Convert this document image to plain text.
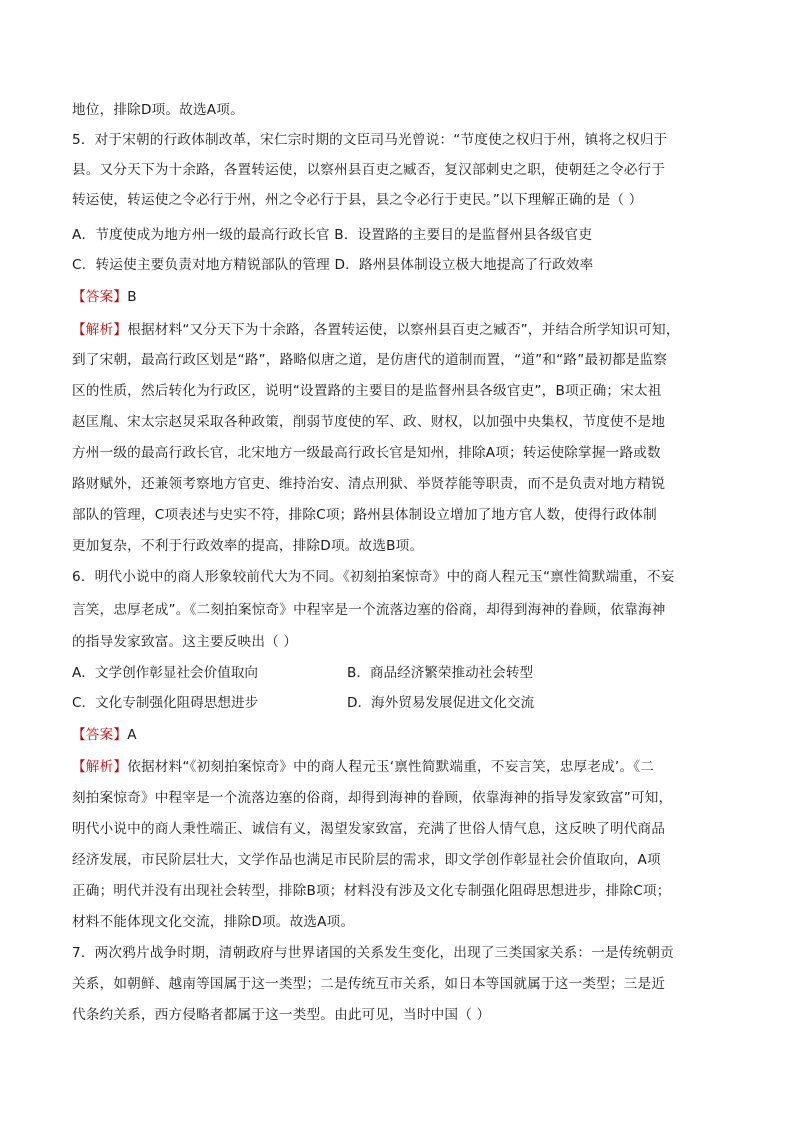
地位，排除D项。故选A项。
5．对于宋朝的行政体制改革，宋仁宗时期的文臣司马光曾说：“节度使之权归于州，镇将之权归于
县。又分天下为十余路，各置转运使，以察州县百吏之臧否，复汉部刺史之职，使朝廷之令必行于
转运使，转运使之令必行于州，州之令必行于县，县之令必行于吏民。”以下理解正确的是（ ）
A．节度使成为地方州一级的最高行政长官 B．设置路的主要目的是监督州县各级官吏
C．转运使主要负责对地方精锐部队的管理 D．路州县体制设立极大地提高了行政效率
【答案】B
【解析】根据材料“又分天下为十余路，各置转运使，以察州县百吏之臧否”，并结合所学知识可知，
到了宋朝，最高行政区划是“路”，路略似唐之道，是仿唐代的道制而置，“道”和“路”最初都是监察
区的性质，然后转化为行政区，说明“设置路的主要目的是监督州县各级官吏”，B项正确；宋太祖
赵匡胤、宋太宗赵炅采取各种政策，削弱节度使的军、政、财权，以加强中央集权，节度使不是地
方州一级的最高行政长官，北宋地方一级最高行政长官是知州，排除A项；转运使除掌握一路或数
路财赋外，还兼领考察地方官吏、维持治安、清点刑狱、举贤荐能等职责，而不是负责对地方精锐
部队的管理，C项表述与史实不符，排除C项；路州县体制设立增加了地方官人数，使得行政体制
更加复杂，不利于行政效率的提高，排除D项。故选B项。
6．明代小说中的商人形象较前代大为不同。《初刻拍案惊奇》中的商人程元玉“禀性简默端重，不妄
言笑，忠厚老成”。《二刻拍案惊奇》中程宰是一个流落边塞的俗商，却得到海神的眷顾，依靠海神
的指导发家致富。这主要反映出（ ）
A．文学创作彰显社会价值取向	B．商品经济繁荣推动社会转型
C．文化专制强化阻碍思想进步	D．海外贸易发展促进文化交流
【答案】A
【解析】依据材料“《初刻拍案惊奇》中的商人程元玉‘禀性简默端重，不妄言笑，忠厚老成’。《二
刻拍案惊奇》中程宰是一个流落边塞的俗商，却得到海神的眷顾，依靠海神的指导发家致富”可知，
明代小说中的商人秉性端正、诚信有义，渴望发家致富，充满了世俗人情气息，这反映了明代商品
经济发展，市民阶层壮大，文学作品也满足市民阶层的需求，即文学创作彰显社会价值取向，A项
正确；明代并没有出现社会转型，排除B项；材料没有涉及文化专制强化阻碍思想进步，排除C项；
材料不能体现文化交流，排除D项。故选A项。
7．两次鸦片战争时期，清朝政府与世界诸国的关系发生变化，出现了三类国家关系：一是传统朝贡
关系，如朝鲜、越南等国属于这一类型；二是传统互市关系，如日本等国就属于这一类型；三是近
代条约关系，西方侵略者都属于这一类型。由此可见，当时中国（ ）
